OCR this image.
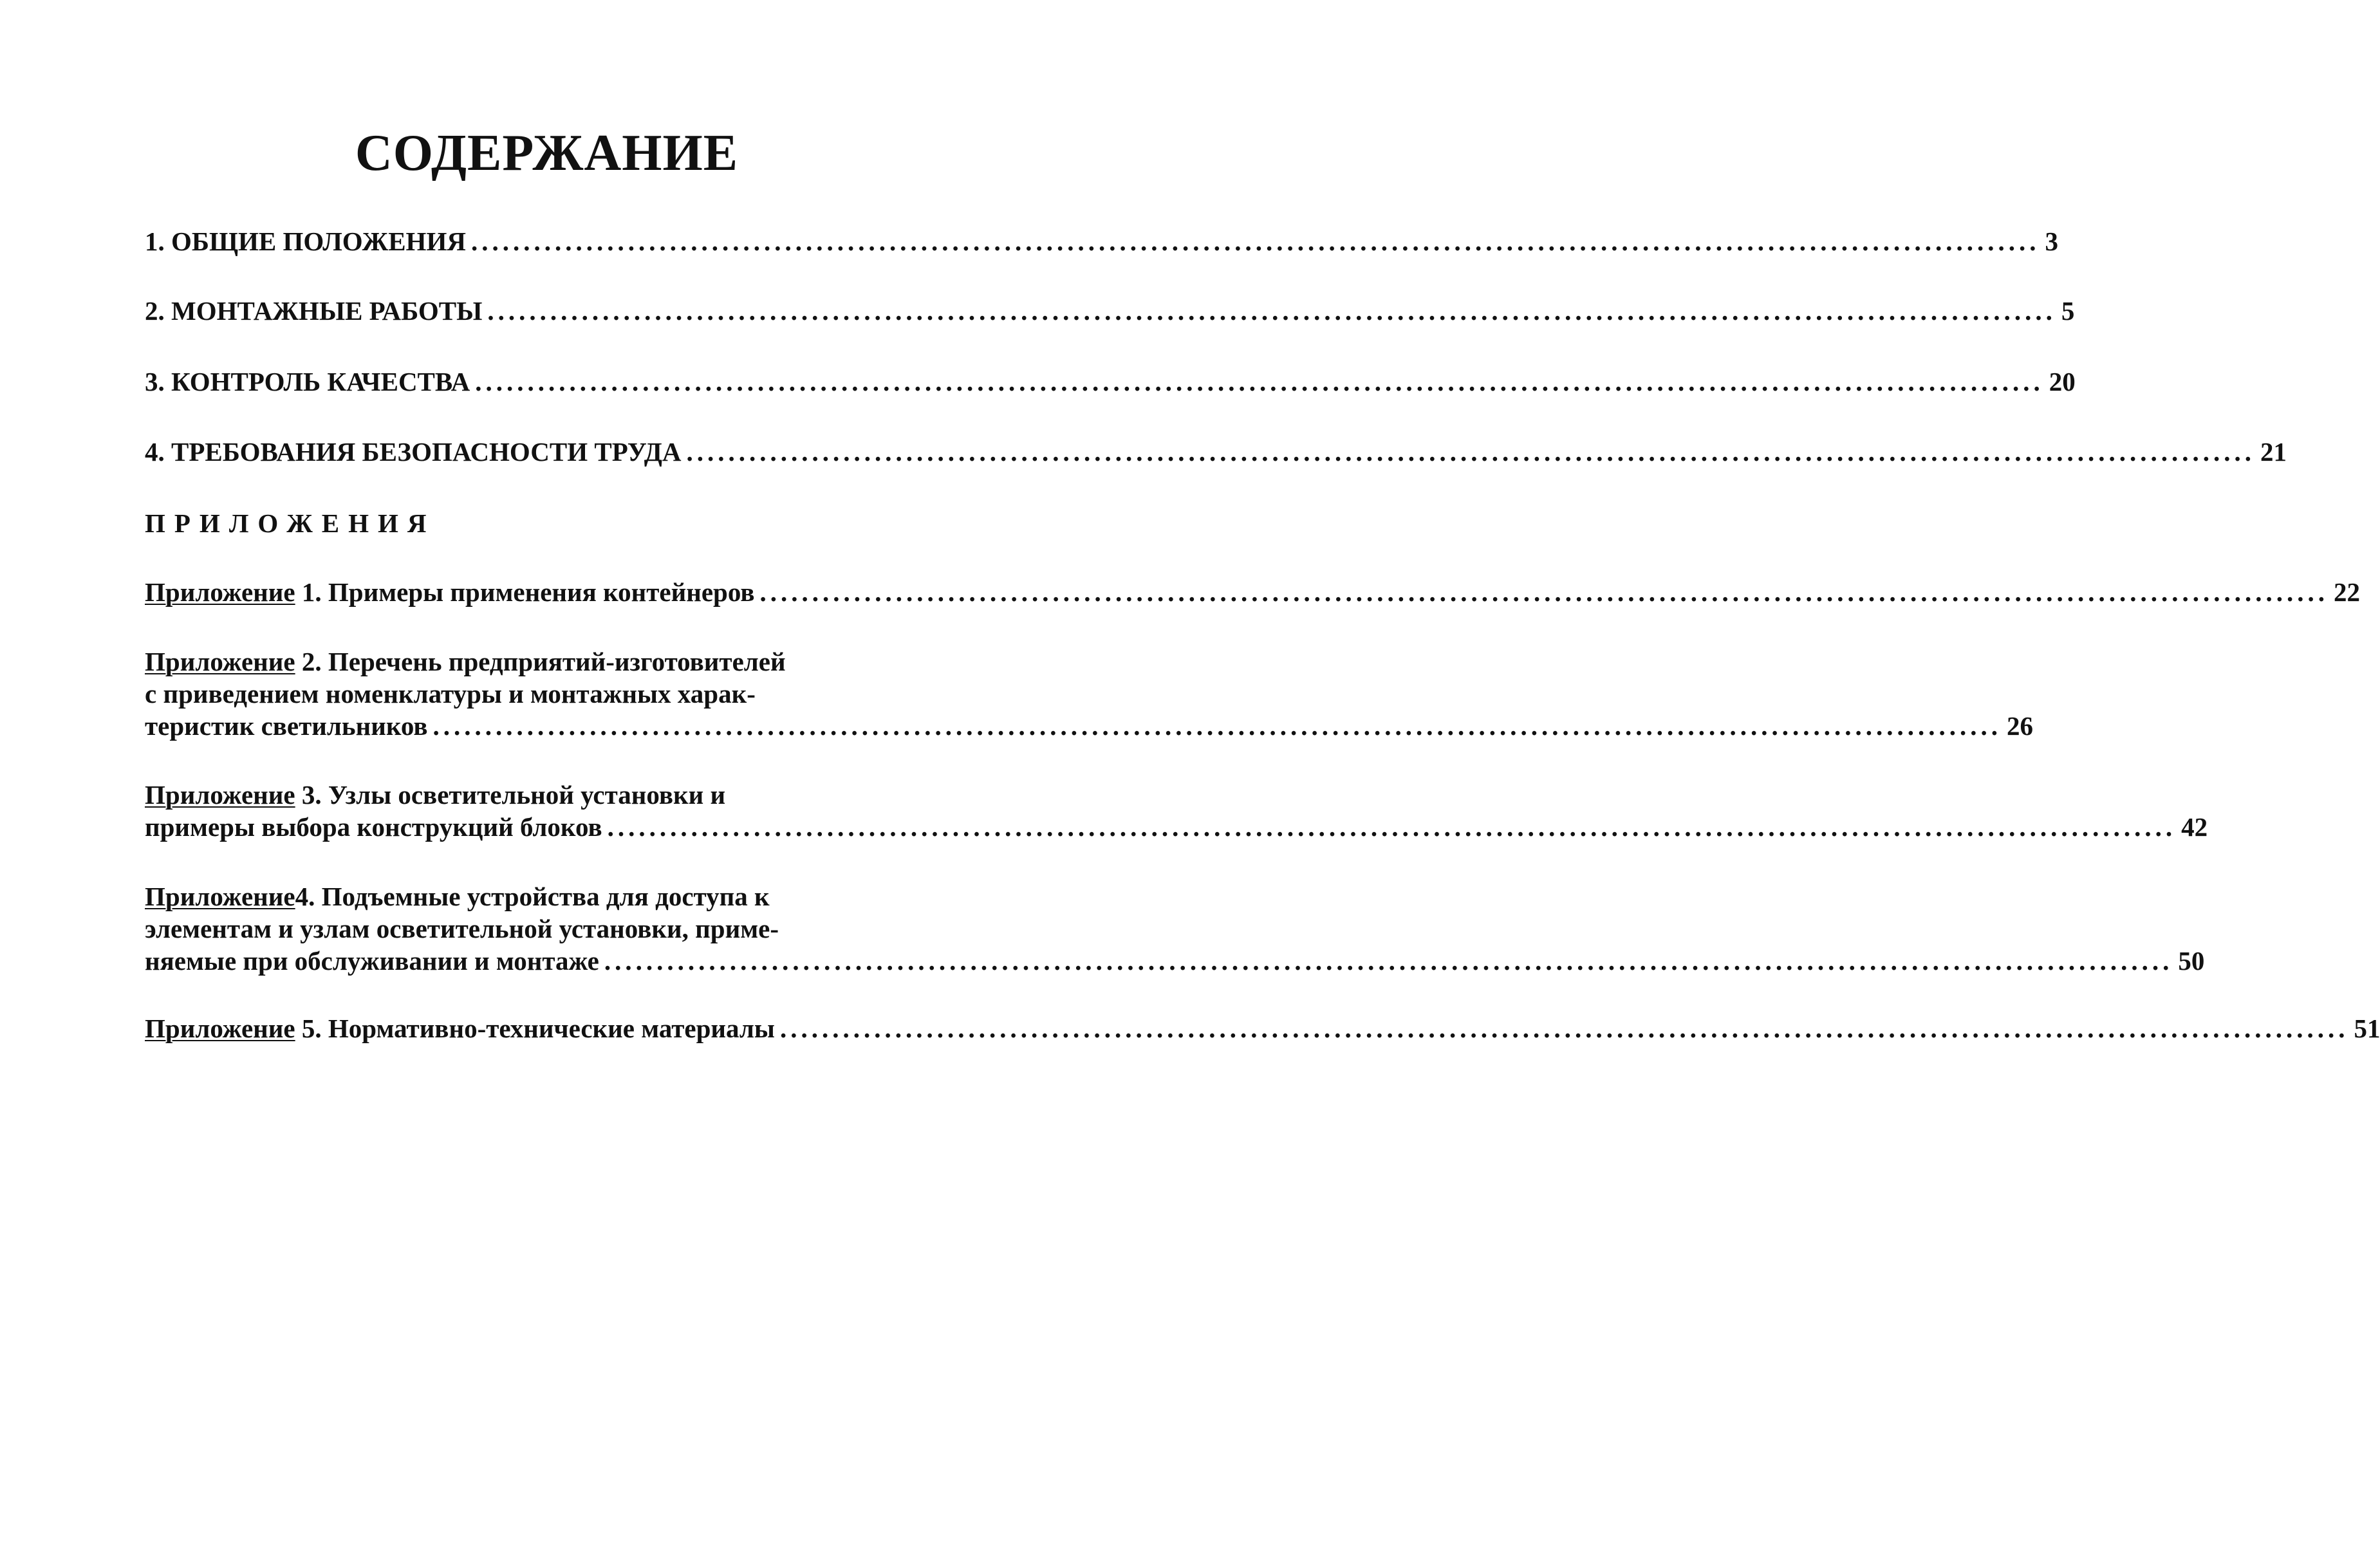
СОДЕРЖАНИЕ
1. ОБЩИЕ ПОЛОЖЕНИЯ ...................................................................................................................................................... 3
2. МОНТАЖНЫЕ РАБОТЫ ...................................................................................................................................................... 5
3. КОНТРОЛЬ КАЧЕСТВА ...................................................................................................................................................... 20
4. ТРЕБОВАНИЯ БЕЗОПАСНОСТИ ТРУДА ...................................................................................................................................................... 21
ПРИЛОЖЕНИЯ
Приложение 1. Примеры применения контейнеров ...................................................................................................................................................... 22
Приложение 2. Перечень предприятий-изготовителей
с приведением номенклатуры и монтажных харак-
теристик светильников ...................................................................................................................................................... 26
Приложение 3. Узлы осветительной установки и
примеры выбора конструкций блоков ...................................................................................................................................................... 42
Приложение4. Подъемные устройства для доступа к
элементам и узлам осветительной установки, приме-
няемые при обслуживании и монтаже ...................................................................................................................................................... 50
Приложение 5. Нормативно-технические материалы ...................................................................................................................................................... 51
